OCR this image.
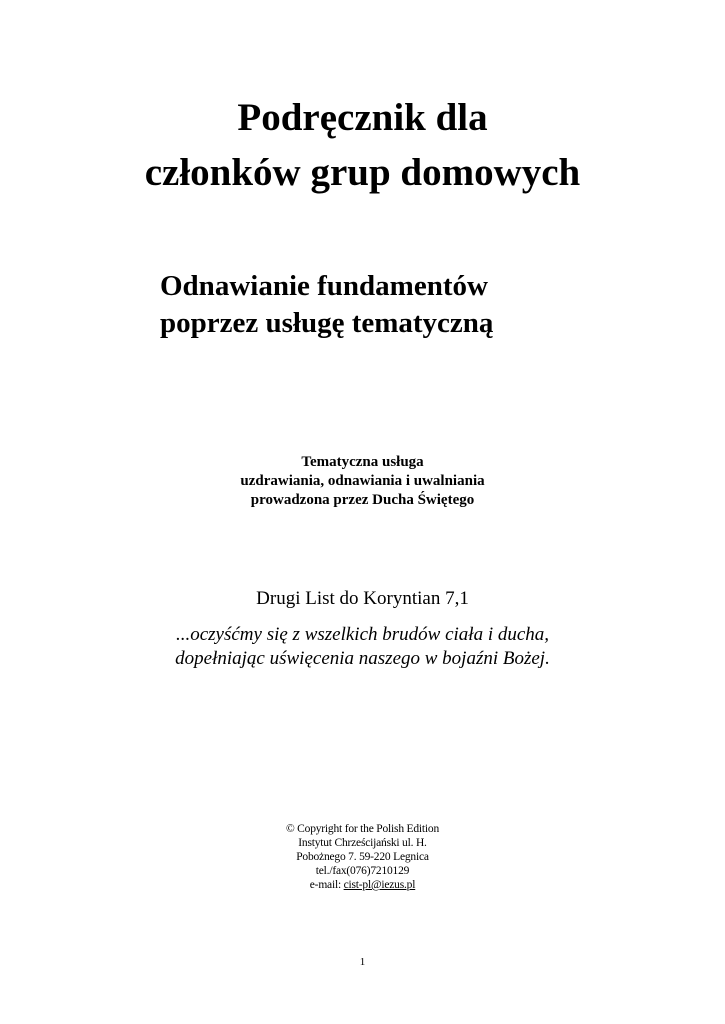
Podręcznik dla
członków grup domowych
Odnawianie fundamentów
poprzez usługę tematyczną
Tematyczna usługa
uzdrawiania, odnawiania i uwalniania
prowadzona przez Ducha Świętego
Drugi List do Koryntian 7,1
...oczyśćmy się z wszelkich brudów ciała i ducha,
dopełniając uświęcenia naszego w bojaźni Bożej.
© Copyright for the Polish Edition
Instytut Chrześcijański ul. H.
Pobożnego 7. 59-220 Legnica
tel./fax(076)7210129
e-mail: cist-pl@iezus.pl
1
